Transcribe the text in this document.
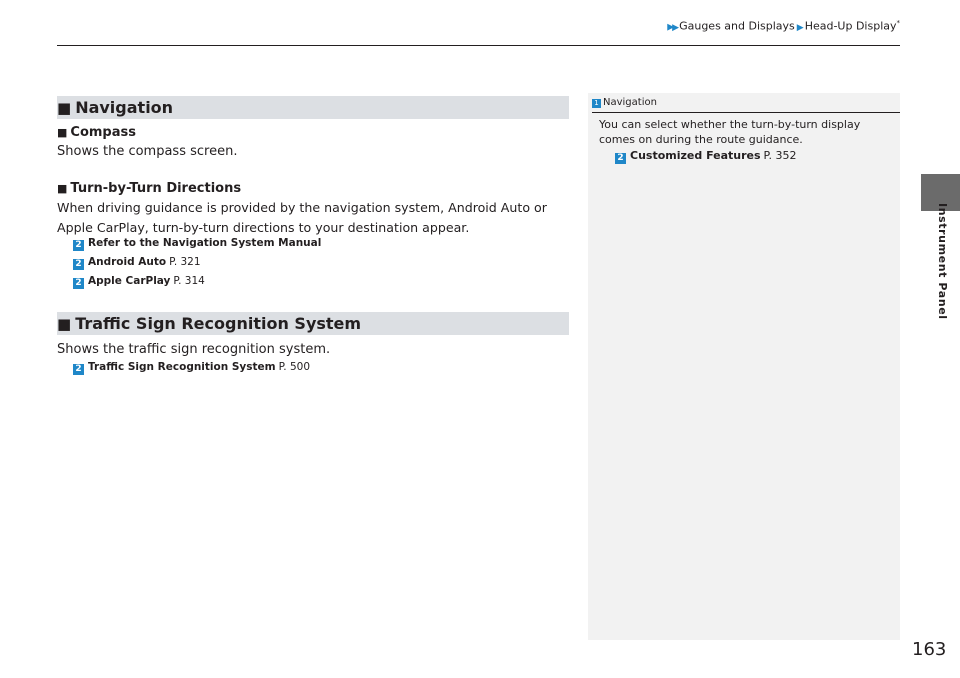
▶▶Gauges and Displays ▶Head-Up Display*
Instrument Panel
■ Navigation
■ Compass
Shows the compass screen.
■ Turn-by-Turn Directions
When driving guidance is provided by the navigation system, Android Auto or Apple CarPlay, turn-by-turn directions to your destination appear.
2 Refer to the Navigation System Manual
2 Android Auto P. 321
2 Apple CarPlay P. 314
■ Traffic Sign Recognition System
Shows the traffic sign recognition system.
2 Traffic Sign Recognition System P. 500
1 Navigation
You can select whether the turn-by-turn display comes on during the route guidance.
2 Customized Features P. 352
163
